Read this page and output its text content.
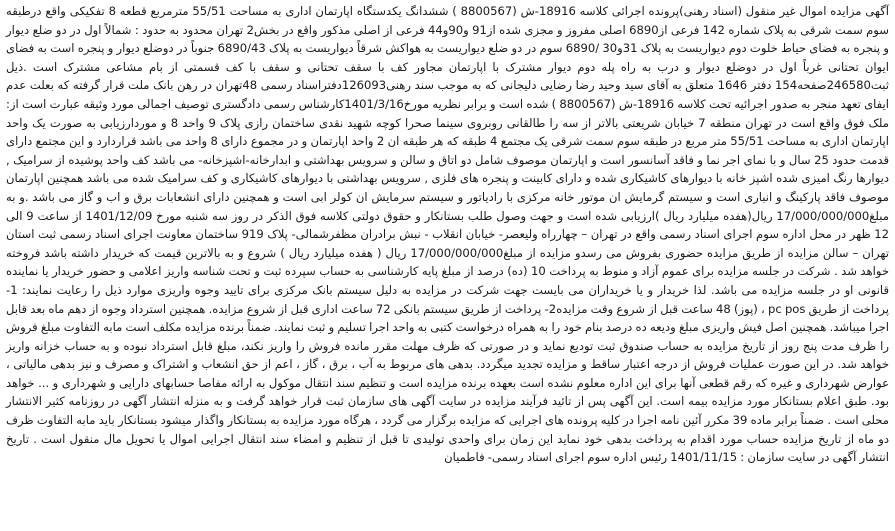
آگهی مزایده اموال غیر منقول (اسناد رهنی)پرونده اجرائی کلاسه 18916-ش (8800567 ) ششدانگ یکدستگاه اپارتمان اداری به مساحت 55/51 مترمربع قطعه 8 تفکیکی واقع درطبقه سوم سمت شرقی به پلاک شماره 142 فرعی از6890 اصلی مفروز و مجزی شده از91 و90و44 فرعی از اصلی مذکور واقع در بخش2 تهران محدود به حدود : شمالاً اول در دو ضلع دیوار و پنجره به فضای حیاط خلوت دوم دیواریست به پلاک 31و30 /6890 سوم در دو ضلع دیواریست به هواکش شرقاً دیواریست به پلاک 6890/43 جنوباً در دوضلع دیوار و پنجره است به فضای ایوان تحتانی غرباً اول در دوضلع دیوار و درب به راه پله دوم دیوار مشترک با اپارتمان مجاور کف با سقف تحتانی و سقف با کف قسمتی از بام مشاعی مشترک است .ذیل ثبت246580صفحه154 دفتر 1646 متعلق به آقای سید وحید رضا رضایی دلیجانی که به موجب سند رهنی126093دفتراسناد رسمی 48تهران در رهن بانک ملت قرار گرفته که بعلت عدم ایفای تعهد منجر به صدور اجرائیه تحت کلاسه 18916-ش (8800567 ) شده است و برابر نظریه مورخ1401/3/16کارشناس رسمی دادگستری توصیف اجمالی مورد وثیقه عبارت است از: ملک فوق واقع است در تهران منطقه 7 خیابان شریعتی بالاتر از سه را طالقانی روبروی سینما صحرا کوچه شهید نقدی ساختمان رازی پلاک 9 واحد 8 و موردارزیابی به صورت یک واحد اپارتمان اداری به مساحت 55/51 متر مربع در طبقه سوم سمت شرقی یک مجتمع 4 طبقه که هر طبقه ان 2 واحد اپارتمان و در مجموع دارای 8 واحد می باشد قراردارد و این مجتمع دارای قدمت حدود 25 سال و با نمای اجر نما و فاقد آسانسور است و اپارتمان موصوف شامل دو اتاق و سالن و سرویس بهداشتی و ابدارخانه-اشپزخانه- می باشد کف واحد پوشیده از سرامیک , دیوارها رنگ امیزی شده اشپز خانه با دیوارهای کاشیکاری شده و دارای کابینت و پنجره های فلزی , سرویس بهداشتی با دیوارهای کاشیکاری و کف سرامیک شده می باشد همچنین اپارتمان موصوف فاقد پارکینگ و انباری است و سیستم گرمایش ان موتور خانه مرکزی با رادیاتور و سیستم سرمایش ان کولر ابی است و همچنین دارای انشعابات برق و اب و گاز می باشد .و به مبلغ17/000/000/000 ریال(هفده میلیارد ریال )ارزیابی شده است و جهت وصول طلب بستانکار و حقوق دولتی کلاسه فوق الذکر در روز سه شنبه مورخ 1401/12/09 از ساعت 9 الی 12 ظهر در محل اداره سوم اجرای اسناد رسمی واقع در تهران – چهارراه ولیعصر- خیابان انقلاب - نبش برادران مظفرشمالی- پلاک 919 ساختمان معاونت اجرای اسناد رسمی ثبت استان تهران – سالن مزایده از طریق مزایده حضوری بفروش می رسدو مزایده از مبلغ17/000/000/000 ریال ( هفده میلیارد ریال ) شروع و به بالاترین قیمت که خریدار داشته باشد فروخته خواهد شد . شرکت در جلسه مزایده برای عموم آزاد و منوط به پرداخت 10 (ده) درصد از مبلغ پایه کارشناسی به حساب سپرده ثبت و تحت شناسه واریز اعلامی و حضور خریدار یا نماینده قانونی او در جلسه مزایده می باشد. لذا خریدار و یا خریداران می بایست جهت شرکت در مزایده به دلیل سیستم بانک مرکزی برای تایید وجوه واریزی موارد ذیل را رعایت نمایند: 1- پرداخت از طریق pc pos ، (پوز) 48 ساعت قبل از شروع وقت مزایده2- پرداخت از طریق سیستم بانکی 72 ساعت اداری قبل از شروع مزایده. همچنین استرداد وجوه از دهم ماه بعد قابل اجرا میباشد. همچنین اصل فیش واریزی مبلغ ودیعه ده درصد بنام خود را به همراه درخواست کتبی به واحد اجرا تسلیم و ثبت نمایند. ضمناً برنده مزایده مکلف است مابه التفاوت مبلغ فروش را ظرف مدت پنج روز از تاریخ مزایده به حساب صندوق ثبت تودیع نماید و در صورتی که ظرف مهلت مقرر مانده فروش را واریز نکند، مبلغ قابل استرداد نبوده و به حساب خزانه واریز خواهد شد. در این صورت عملیات فروش از درجه اعتبار ساقط و مزایده تجدید میگردد. بدهی های مربوط به آب ، برق ، گاز ، اعم از حق انشعاب و اشتراک و مصرف و نیز بدهی مالیاتی ، عوارض شهرداری و غیره که رقم قطعی آنها برای این اداره معلوم نشده است بعهده برنده مزایده است و تنظیم سند انتقال موکول به ارائه مفاصا حسابهای دارایی و شهرداری و ... خواهد بود. طبق اعلام بستانکار مورد مزایده بیمه است. این آگهی پس از تائید فرآیند مزایده در سایت آگهی های سازمان ثبت قرار خواهد گرفت و به منزله انتشار آگهی در روزنامه کثیر الانتشار محلی است . ضمناً برابر ماده 39 مکرر آئین نامه اجرا در کلیه پرونده های اجرایی که مزایده برگزار می گردد ، هرگاه مورد مزایده به بستانکار واگذار میشود بستانکار باید مابه التفاوت ظرف دو ماه از تاریخ مزایده حساب مورد اقدام به پرداخت بدهی خود نماید این زمان برای واحدی تولیدی تا قبل از تنظیم و امضاء سند انتقال اجرایی اموال یا تحویل مال منقول است . تاریخ انتشار آگهی در سایت سازمان : 1401/11/15 رئیس اداره سوم اجرای اسناد رسمی- فاطمیان
